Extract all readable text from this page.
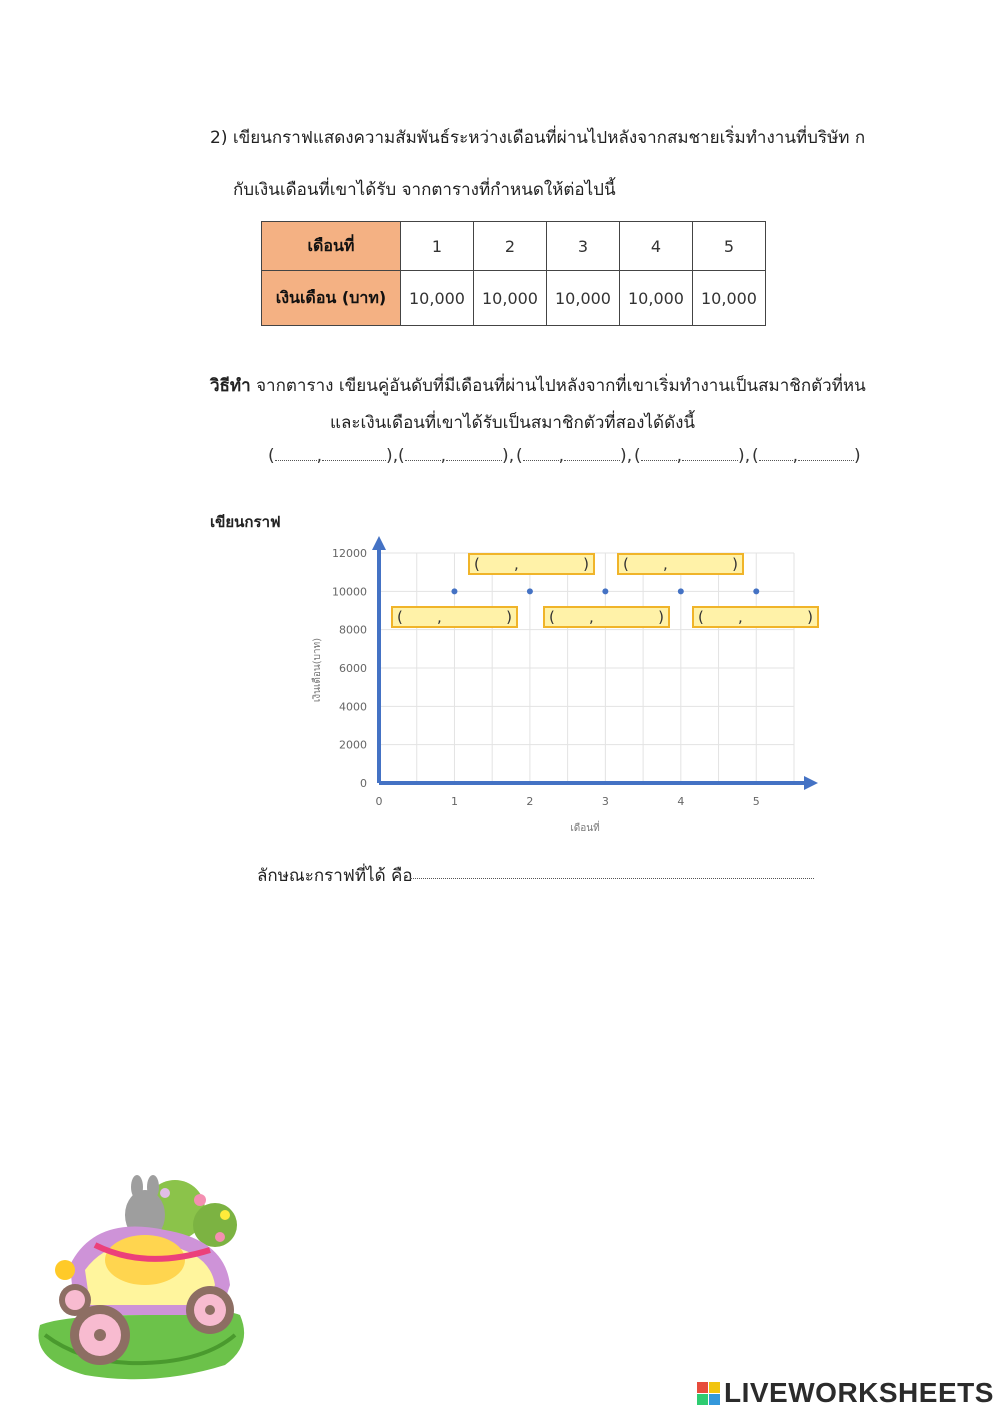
2) เขียนกราฟแสดงความสัมพันธ์ระหว่างเดือนที่ผ่านไปหลังจากสมชายเริ่มทำงานที่บริษัท ก
กับเงินเดือนที่เขาได้รับ จากตารางที่กำหนดให้ต่อไปนี้
เดือนที่	1	2	3	4	5
เงินเดือน (บาท)	10,000	10,000	10,000	10,000	10,000
วิธีทำ จากตาราง เขียนคู่อันดับที่มีเดือนที่ผ่านไปหลังจากที่เขาเริ่มทำงานเป็นสมาชิกตัวที่หน
และเงินเดือนที่เขาได้รับเป็นสมาชิกตัวที่สองได้ดังนี้
( ,	), ( ,	), ( ,	), ( ,	), ( ,	)
เขียนกราฟ
0
2000
4000
6000
8000
10000
12000
0	1	2	3	4	5
เดือนที่
เงินเดือน(บาท)
( ,	) ( ,	)
( ,	) ( ,	) ( ,	)
ลักษณะกราฟที่ได้ คือ
LIVEWORKSHEETS
